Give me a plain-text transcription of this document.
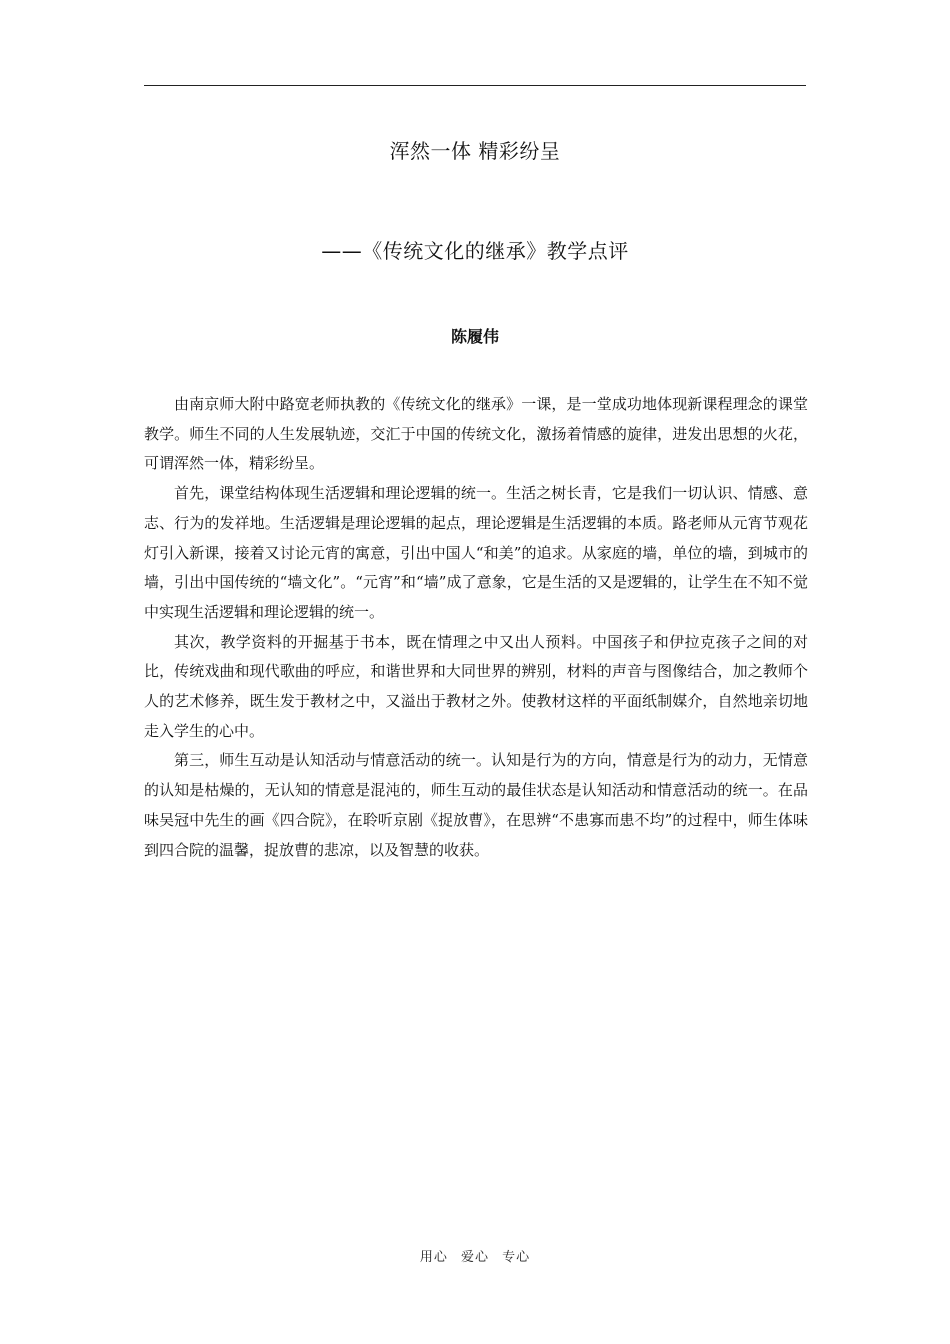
浑然一体 精彩纷呈
——《传统文化的继承》教学点评
陈履伟

由南京师大附中路宽老师执教的《传统文化的继承》一课，是一堂成功地体现新课程理念的课堂教学。师生不同的人生发展轨迹，交汇于中国的传统文化，激扬着情感的旋律，进发出思想的火花，可谓浑然一体，精彩纷呈。

首先，课堂结构体现生活逻辑和理论逻辑的统一。生活之树长青，它是我们一切认识、情感、意志、行为的发祥地。生活逻辑是理论逻辑的起点，理论逻辑是生活逻辑的本质。路老师从元宵节观花灯引入新课，接着又讨论元宵的寓意，引出中国人“和美”的追求。从家庭的墙，单位的墙，到城市的墙，引出中国传统的“墙文化”。“元宵”和“墙”成了意象，它是生活的又是逻辑的，让学生在不知不觉中实现生活逻辑和理论逻辑的统一。

其次，教学资料的开掘基于书本，既在情理之中又出人预料。中国孩子和伊拉克孩子之间的对比，传统戏曲和现代歌曲的呼应，和谐世界和大同世界的辨别，材料的声音与图像结合，加之教师个人的艺术修养，既生发于教材之中，又溢出于教材之外。使教材这样的平面纸制媒介，自然地亲切地走入学生的心中。

第三，师生互动是认知活动与情意活动的统一。认知是行为的方向，情意是行为的动力，无情意的认知是枯燥的，无认知的情意是混沌的，师生互动的最佳状态是认知活动和情意活动的统一。在品味吴冠中先生的画《四合院》，在聆听京剧《捉放曹》，在思辨“不患寡而患不均”的过程中，师生体味到四合院的温馨，捉放曹的悲凉，以及智慧的收获。

用心 爱心 专心
